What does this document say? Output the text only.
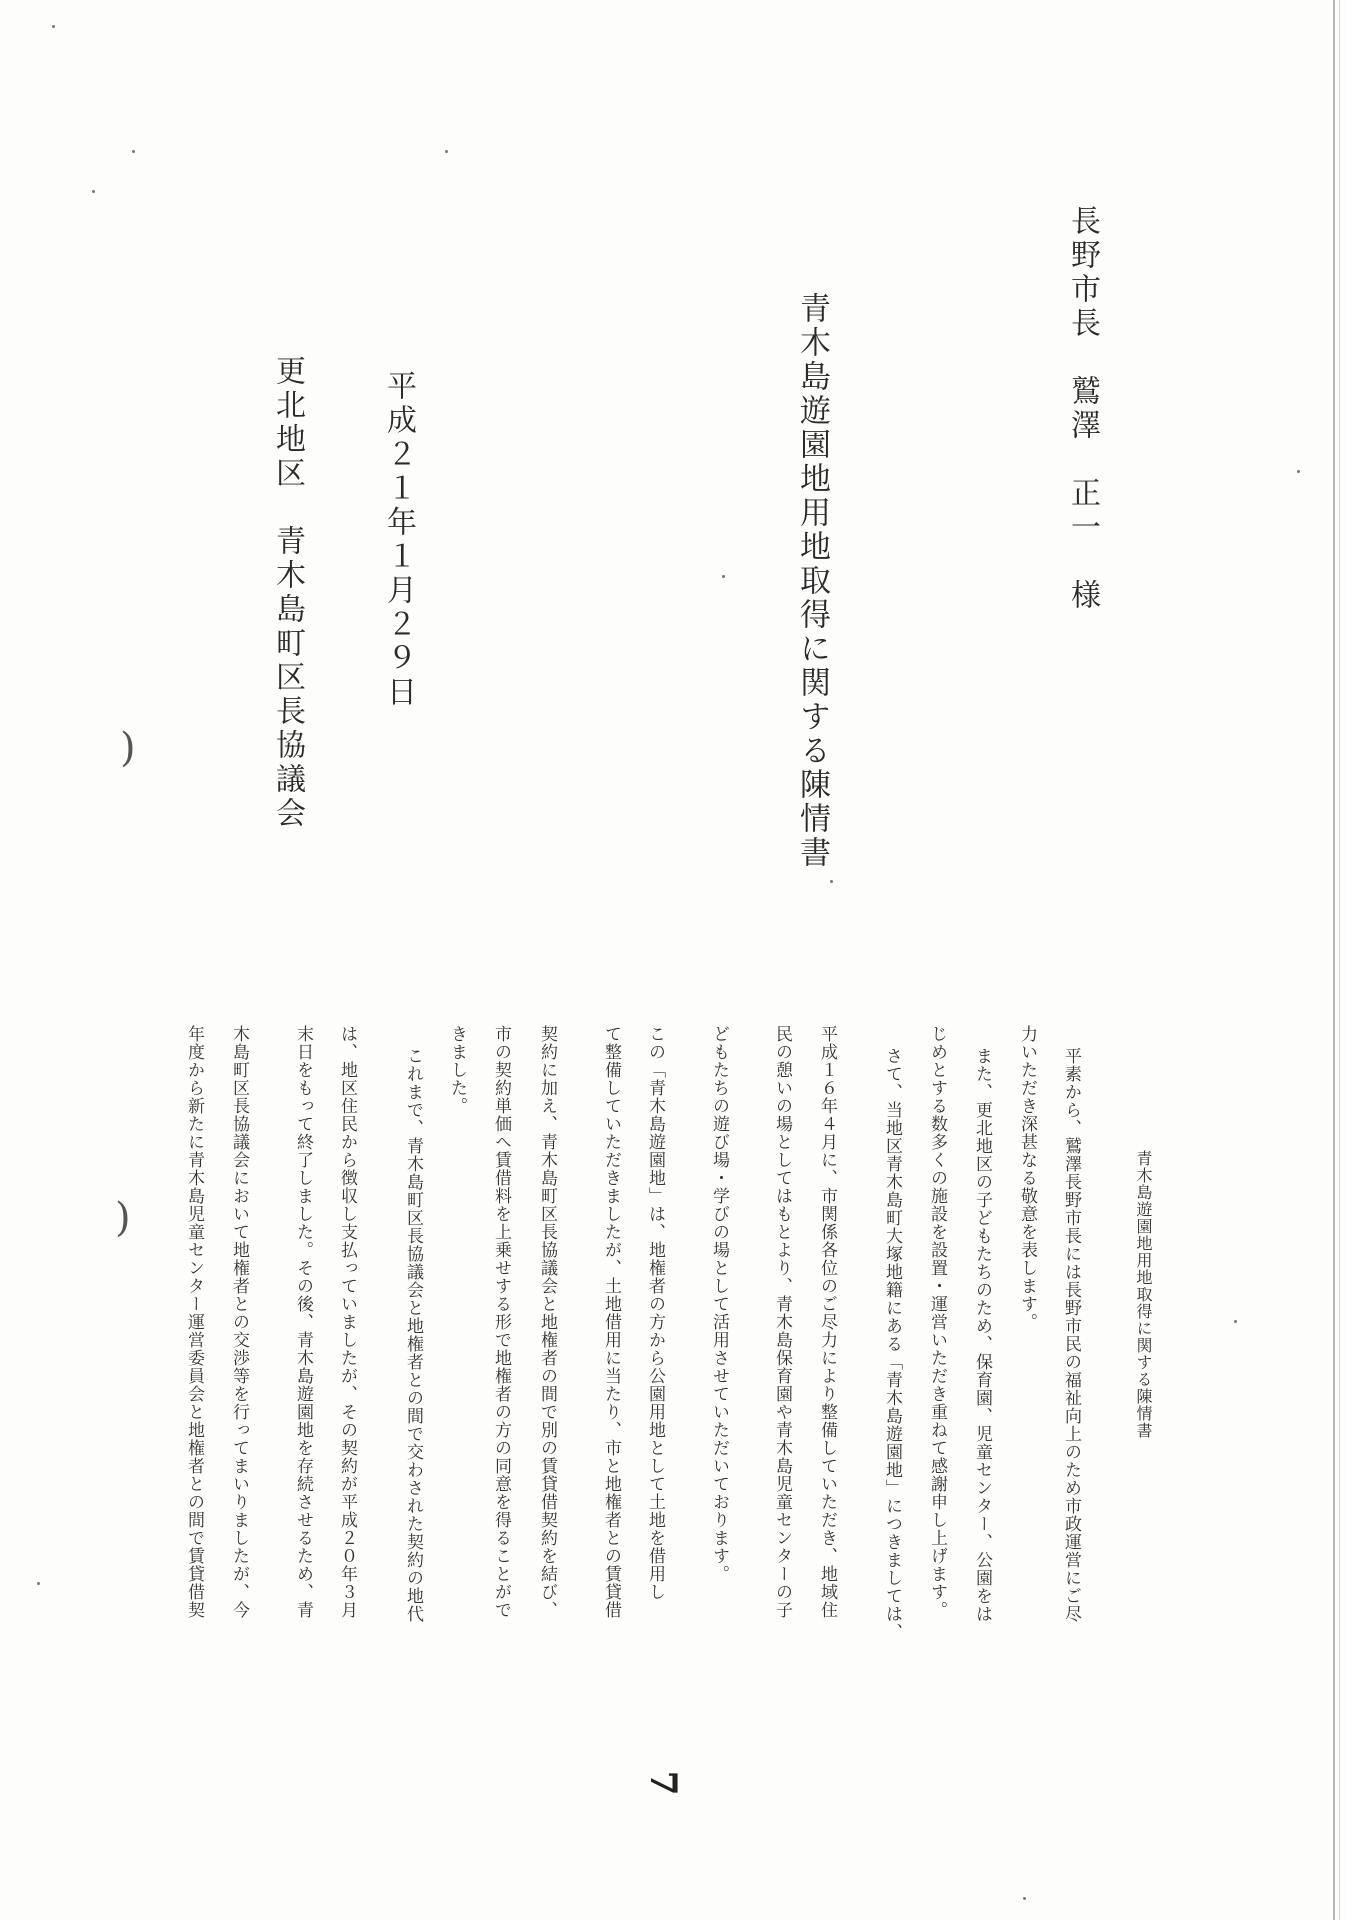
長野市長　鷲澤　正一　様
青木島遊園地用地取得に関する陳情書
平成２１年１月２９日
更北地区　青木島町区長協議会
青木島遊園地用地取得に関する陳情書
平素から、鷲澤長野市長には長野市民の福祉向上のため市政運営にご尽
力いただき深甚なる敬意を表します。
また、更北地区の子どもたちのため、保育園、児童センター、公園をは
じめとする数多くの施設を設置・運営いただき重ねて感謝申し上げます。
さて、当地区青木島町大塚地籍にある「青木島遊園地」につきましては、
平成１６年４月に、市関係各位のご尽力により整備していただき、地域住
民の憩いの場としてはもとより、青木島保育園や青木島児童センターの子
どもたちの遊び場・学びの場として活用させていただいております。
この「青木島遊園地」は、地権者の方から公園用地として土地を借用し
て整備していただきましたが、土地借用に当たり、市と地権者との賃貸借
契約に加え、青木島町区長協議会と地権者の間で別の賃貸借契約を結び、
市の契約単価へ賃借料を上乗せする形で地権者の方の同意を得ることがで
きました。
これまで、青木島町区長協議会と地権者との間で交わされた契約の地代
は、地区住民から徴収し支払っていましたが、その契約が平成２０年３月
末日をもって終了しました。その後、青木島遊園地を存続させるため、青
木島町区長協議会において地権者との交渉等を行ってまいりましたが、今
年度から新たに青木島児童センター運営委員会と地権者との間で賃貸借契
7
)
)
